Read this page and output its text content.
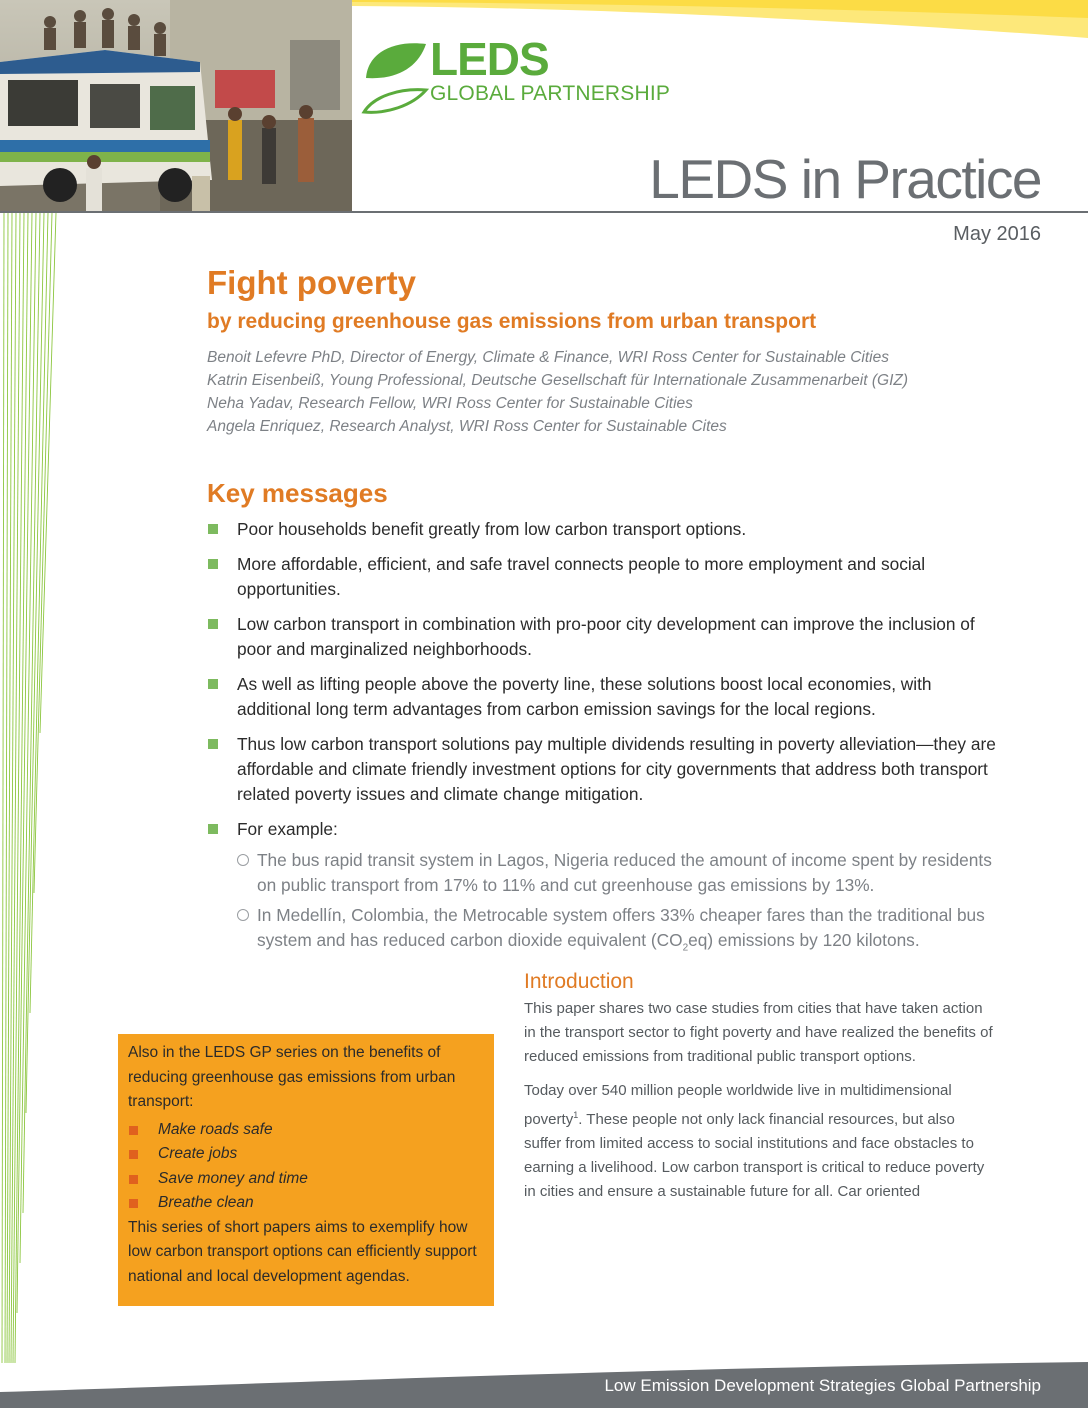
LEDS
GLOBAL PARTNERSHIP
LEDS in Practice
May 2016
Fight poverty
by reducing greenhouse gas emissions from urban transport
Benoit Lefevre PhD, Director of Energy, Climate & Finance, WRI Ross Center for Sustainable Cities
Katrin Eisenbeiß, Young Professional, Deutsche Gesellschaft für Internationale Zusammenarbeit (GIZ)
Neha Yadav, Research Fellow, WRI Ross Center for Sustainable Cities
Angela Enriquez, Research Analyst, WRI Ross Center for Sustainable Cites
Key messages
Poor households benefit greatly from low carbon transport options.
More affordable, efficient, and safe travel connects people to more employment and social opportunities.
Low carbon transport in combination with pro-poor city development can improve the inclusion of poor and marginalized neighborhoods.
As well as lifting people above the poverty line, these solutions boost local economies, with additional long term advantages from carbon emission savings for the local regions.
Thus low carbon transport solutions pay multiple dividends resulting in poverty alleviation—they are affordable and climate friendly investment options for city governments that address both transport related poverty issues and climate change mitigation.
For example:
The bus rapid transit system in Lagos, Nigeria reduced the amount of income spent by residents on public transport from 17% to 11% and cut greenhouse gas emissions by 13%.
In Medellín, Colombia, the Metrocable system offers 33% cheaper fares than the traditional bus system and has reduced carbon dioxide equivalent $(CO_2eq)$ emissions by 120 kilotons.
Introduction

This paper shares two case studies from cities that have taken action in the transport sector to fight poverty and have realized the benefits of reduced emissions from traditional public transport options.

Today over 540 million people worldwide live in multidimensional poverty$^1$. These people not only lack financial resources, but also suffer from limited access to social institutions and face obstacles to earning a livelihood. Low carbon transport is critical to reduce poverty in cities and ensure a sustainable future for all. Car oriented

Also in the LEDS GP series on the benefits of reducing greenhouse gas emissions from urban transport:

Make roads safe
Create jobs
Save money and time
Breathe clean

This series of short papers aims to exemplify how low carbon transport options can efficiently support national and local development agendas.

Low Emission Development Strategies Global Partnership
